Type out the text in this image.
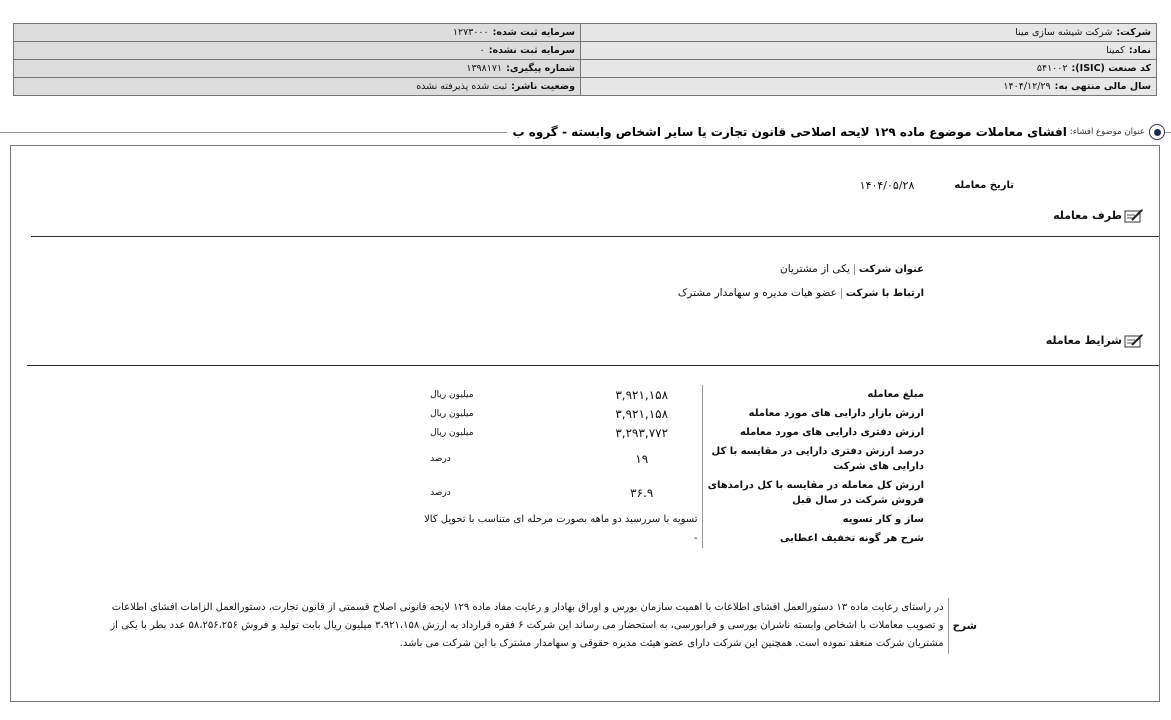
شرکت:شرکت شیشه سازی مینا	سرمایه ثبت شده:۱۲۷۳۰۰۰
نماد:کمینا	سرمایه ثبت نشده:۰
کد صنعت (ISIC):۵۴۱۰۰۲	شماره پیگیری:۱۳۹۸۱۷۱
سال مالی منتهی به:۱۴۰۴/۱۲/۲۹	وضعیت ناشر:ثبت شده پذیرفته نشده
عنوان موضوع افشاء:
افشای معاملات موضوع ماده ۱۲۹ لایحه اصلاحی قانون تجارت یا سایر اشخاص وابسته - گروه ب
تاریخ معامله
۱۴۰۴/۰۵/۲۸
طرف معامله
عنوان شرکت
یکی از مشتریان
ارتباط با شرکت
عضو هیات مدیره و سهامدار مشترک
شرایط معامله
مبلغ معامله	۳,۹۲۱,۱۵۸	میلیون ریال
ارزش بازار دارایی های مورد معامله	۳,۹۲۱,۱۵۸	میلیون ریال
ارزش دفتری دارایی های مورد معامله	۳,۲۹۳,۷۷۲	میلیون ریال
درصد ارزش دفتری دارایی در مقایسه با کل دارایی های شرکت	۱۹	درصد
ارزش کل معامله در مقایسه با کل درامدهای فروش شرکت در سال قبل	۳۶.۹	درصد
ساز و کار تسویه	تسویه با سررسید دو ماهه بصورت مرحله ای متناسب با تحویل کالا	
شرح هر گونه تخفیف اعطایی	-	
شرح
در راستای رعایت ماده ۱۳ دستورالعمل افشای اطلاعات با اهمیت سازمان بورس و اوراق بهادار و رعایت مفاد ماده ۱۲۹ لایحه قانونی اصلاح قسمتی از قانون تجارت، دستورالعمل الزامات افشای اطلاعات
و تصویب معاملات با اشخاص وابسته ناشران بورسی و فرابورسی، به استحضار می رساند این شرکت ۶ فقره قرارداد به ارزش ۳،۹۲۱،۱۵۸ میلیون ریال بابت تولید و فروش ۵۸،۲۵۶،۲۵۶ عدد بطر با یکی از
مشتریان شرکت منعقد نموده است. همچنین این شرکت دارای عضو هیئت مدیره حقوقی و سهامدار مشترک با این شرکت می باشد.
